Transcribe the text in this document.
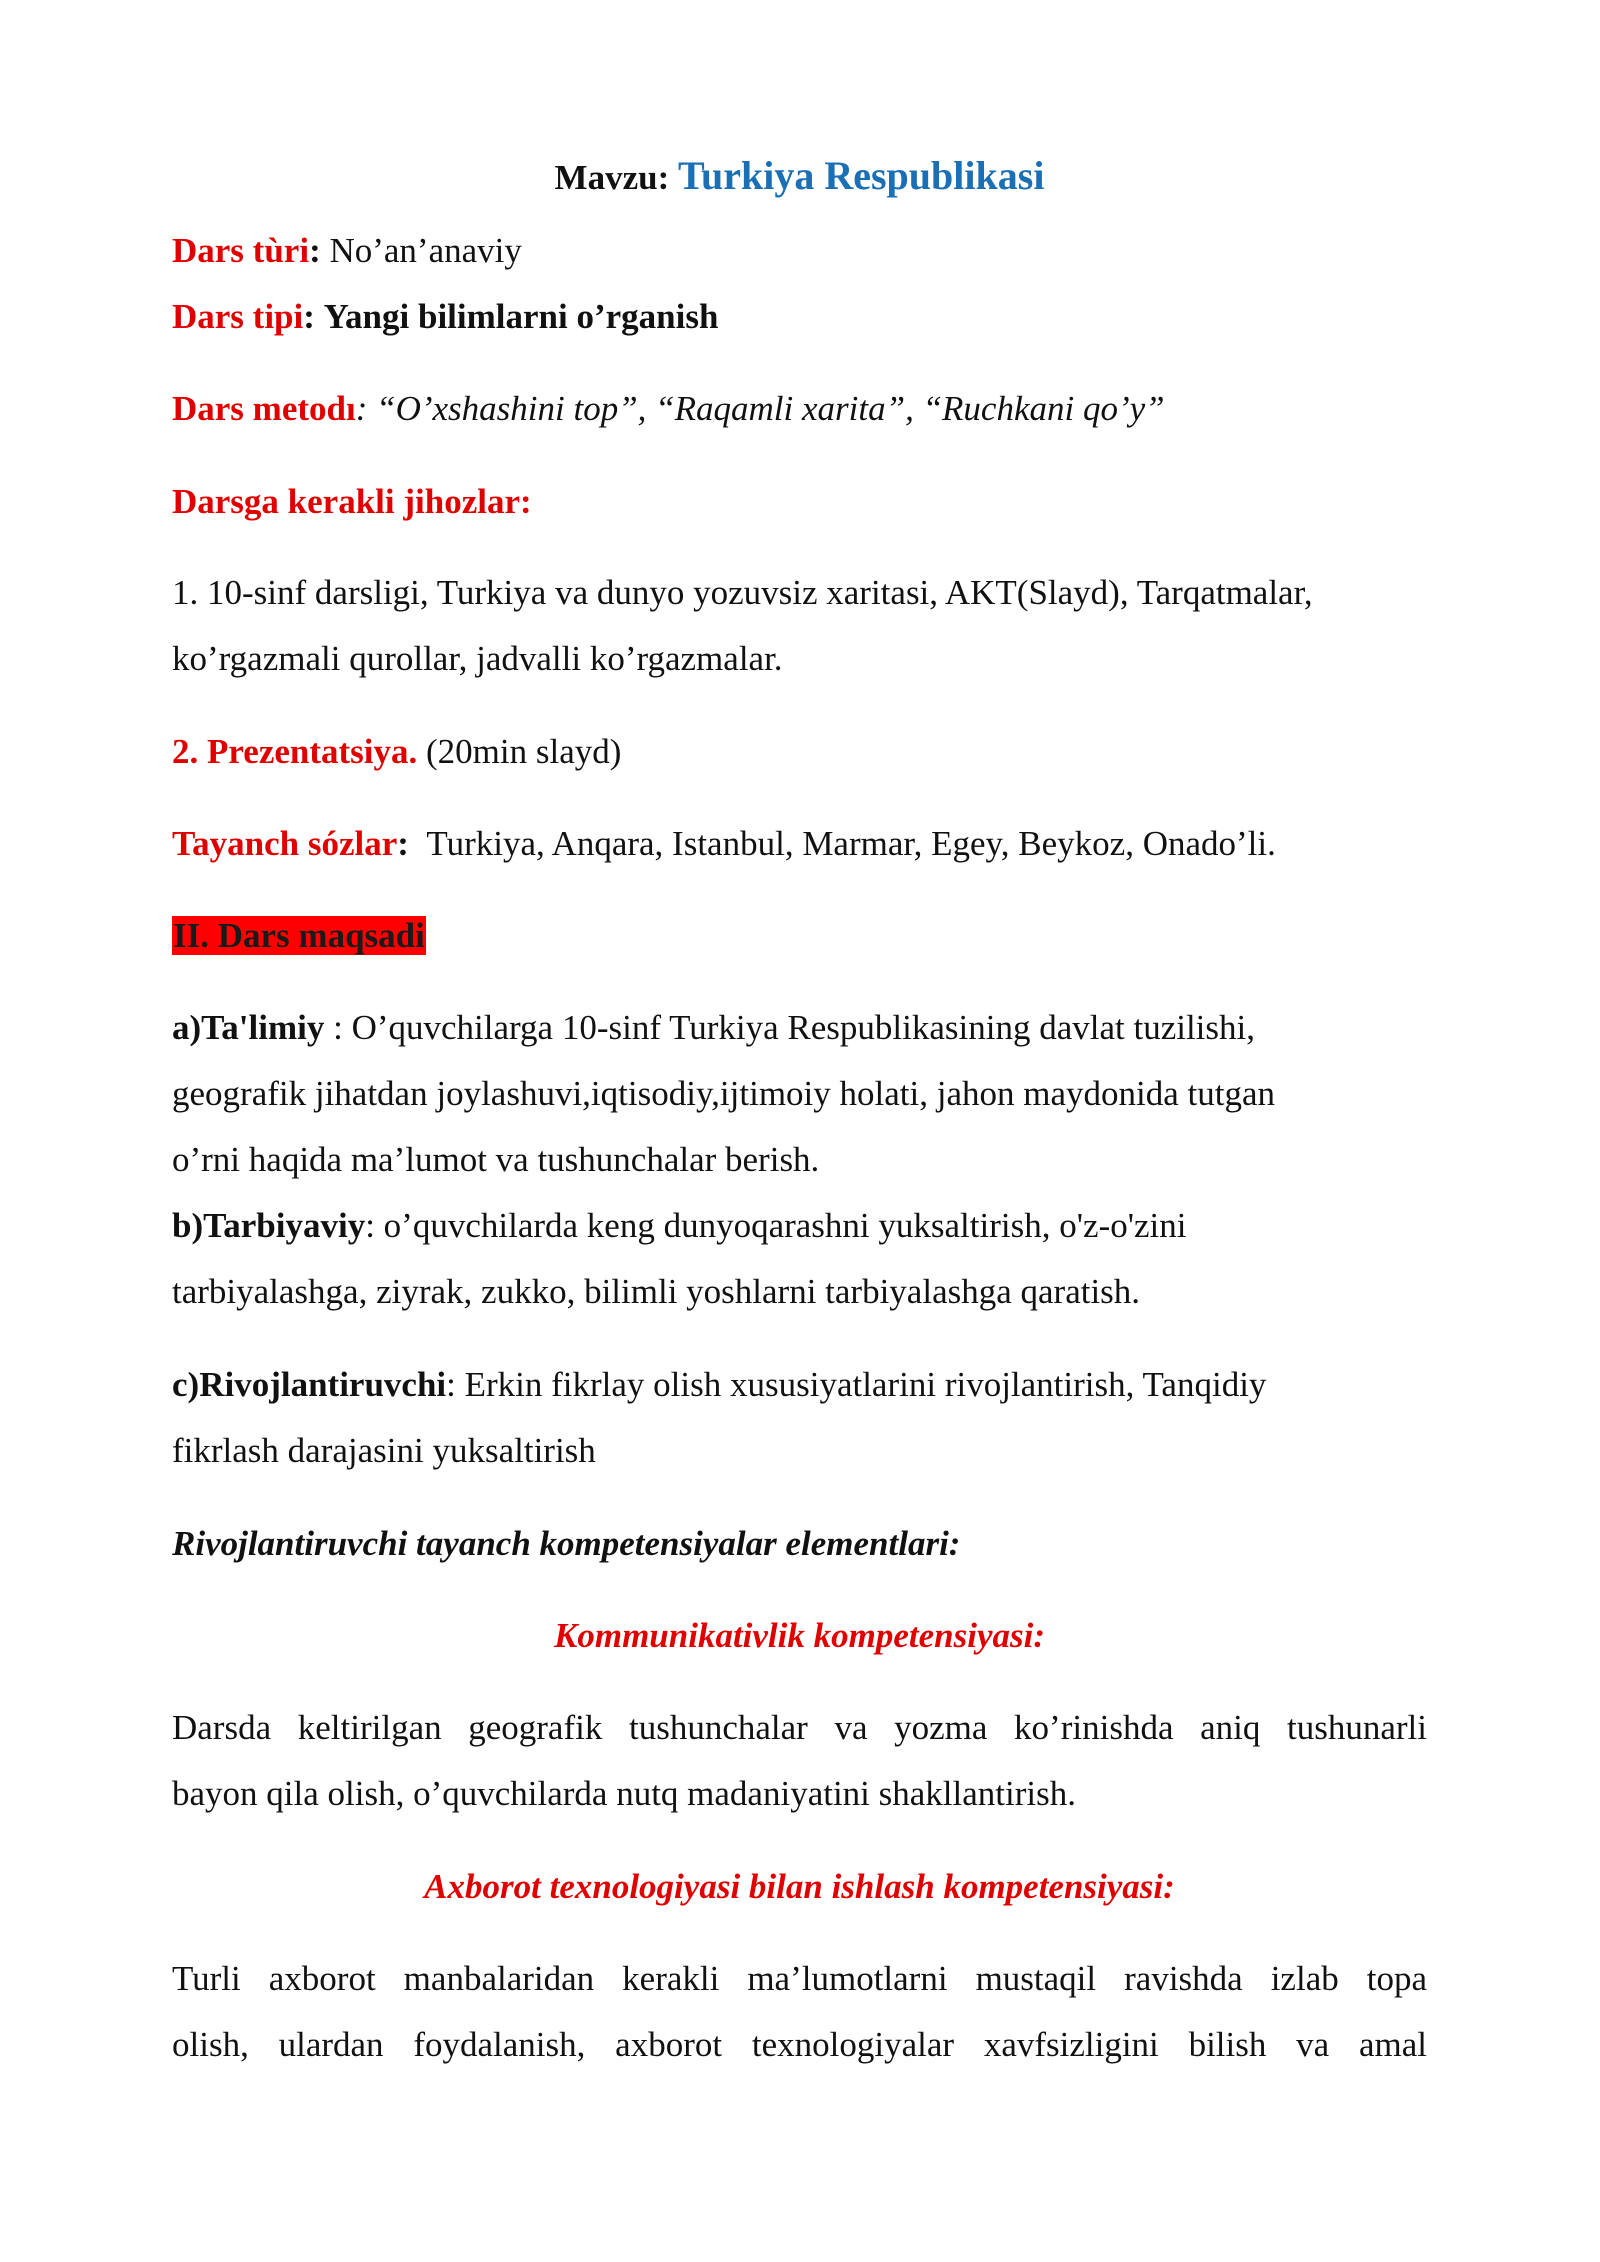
Mavzu: Turkiya Respublikasi
Dars tùri: No’an’anaviy
Dars tipi: Yangi bilimlarni o’rganish
Dars metodı: “O’xshashini top”, “Raqamli xarita”, “Ruchkani qo’y”
Darsga kerakli jihozlar:
1. 10-sinf darsligi, Turkiya va dunyo yozuvsiz xaritasi, AKT(Slayd), Tarqatmalar,
ko’rgazmali qurollar, jadvalli ko’rgazmalar.
2. Prezentatsiya. (20min slayd)
Tayanch sózlar: Turkiya, Anqara, Istanbul, Marmar, Egey, Beykoz, Onado’li.
II. Dars maqsadi
a)Ta'limiy : O’quvchilarga 10-sinf Turkiya Respublikasining davlat tuzilishi,
geografik jihatdan joylashuvi,iqtisodiy,ijtimoiy holati, jahon maydonida tutgan
o’rni haqida ma’lumot va tushunchalar berish.
b)Tarbiyaviy: o’quvchilarda keng dunyoqarashni yuksaltirish, o'z-o'zini
tarbiyalashga, ziyrak, zukko, bilimli yoshlarni tarbiyalashga qaratish.
c)Rivojlantiruvchi: Erkin fikrlay olish xususiyatlarini rivojlantirish, Tanqidiy
fikrlash darajasini yuksaltirish
Rivojlantiruvchi tayanch kompetensiyalar elementlari:
Kommunikativlik kompetensiyasi:
Darsda keltirilgan geografik tushunchalar va yozma ko’rinishda aniq tushunarli
bayon qila olish, o’quvchilarda nutq madaniyatini shakllantirish.
Axborot texnologiyasi bilan ishlash kompetensiyasi:
Turli axborot manbalaridan kerakli ma’lumotlarni mustaqil ravishda izlab topa
olish, ulardan foydalanish, axborot texnologiyalar xavfsizligini bilish va amal
